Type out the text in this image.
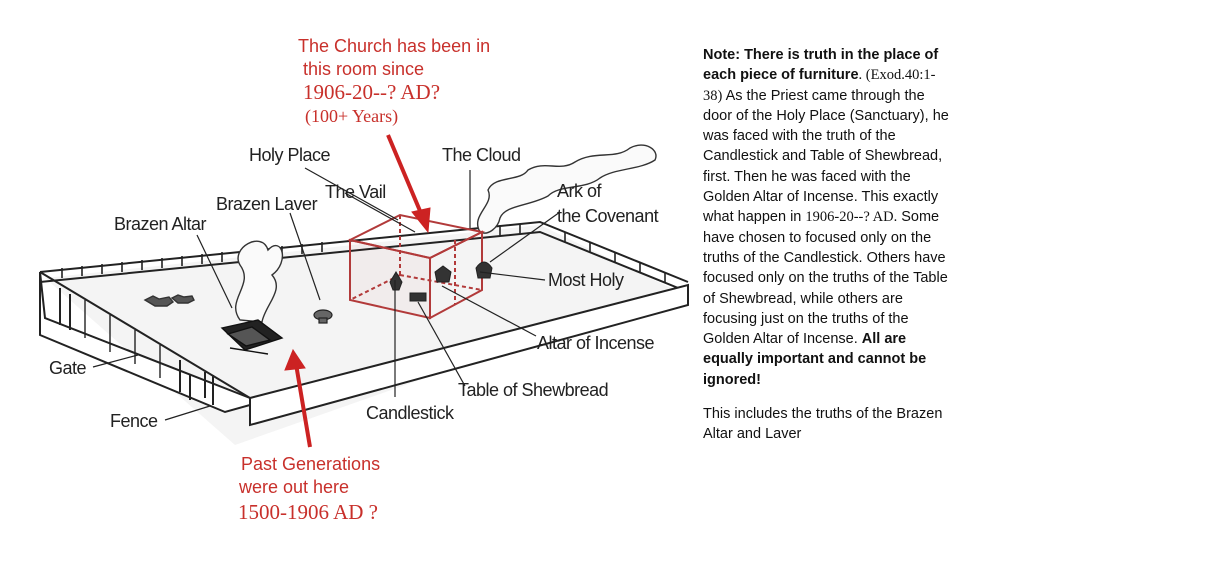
Holy Place	The Cloud
The Vail
Brazen Laver
Ark of
the Covenant
Brazen Altar
Most Holy
Altar of Incense
Gate
Table of Shewbread
Candlestick
Fence
The Church has been in
this room since
1906-20--? AD?
(100+ Years)
Past Generations
were out here
1500-1906 AD ?

Note: There is truth in the place of each piece of furniture. (Exod.40:1-38) As the Priest came through the door of the Holy Place (Sanctuary), he was faced with the truth of the Candlestick and Table of Shewbread, first. Then he was faced with the Golden Altar of Incense. This exactly what happen in 1906-20--? AD. Some have chosen to focused only on the truths of the Candlestick. Others have focused only on the truths of the Table of Shewbread, while others are focusing just on the truths of the Golden Altar of Incense. All are equally important and cannot be ignored!

This includes the truths of the Brazen Altar and Laver
